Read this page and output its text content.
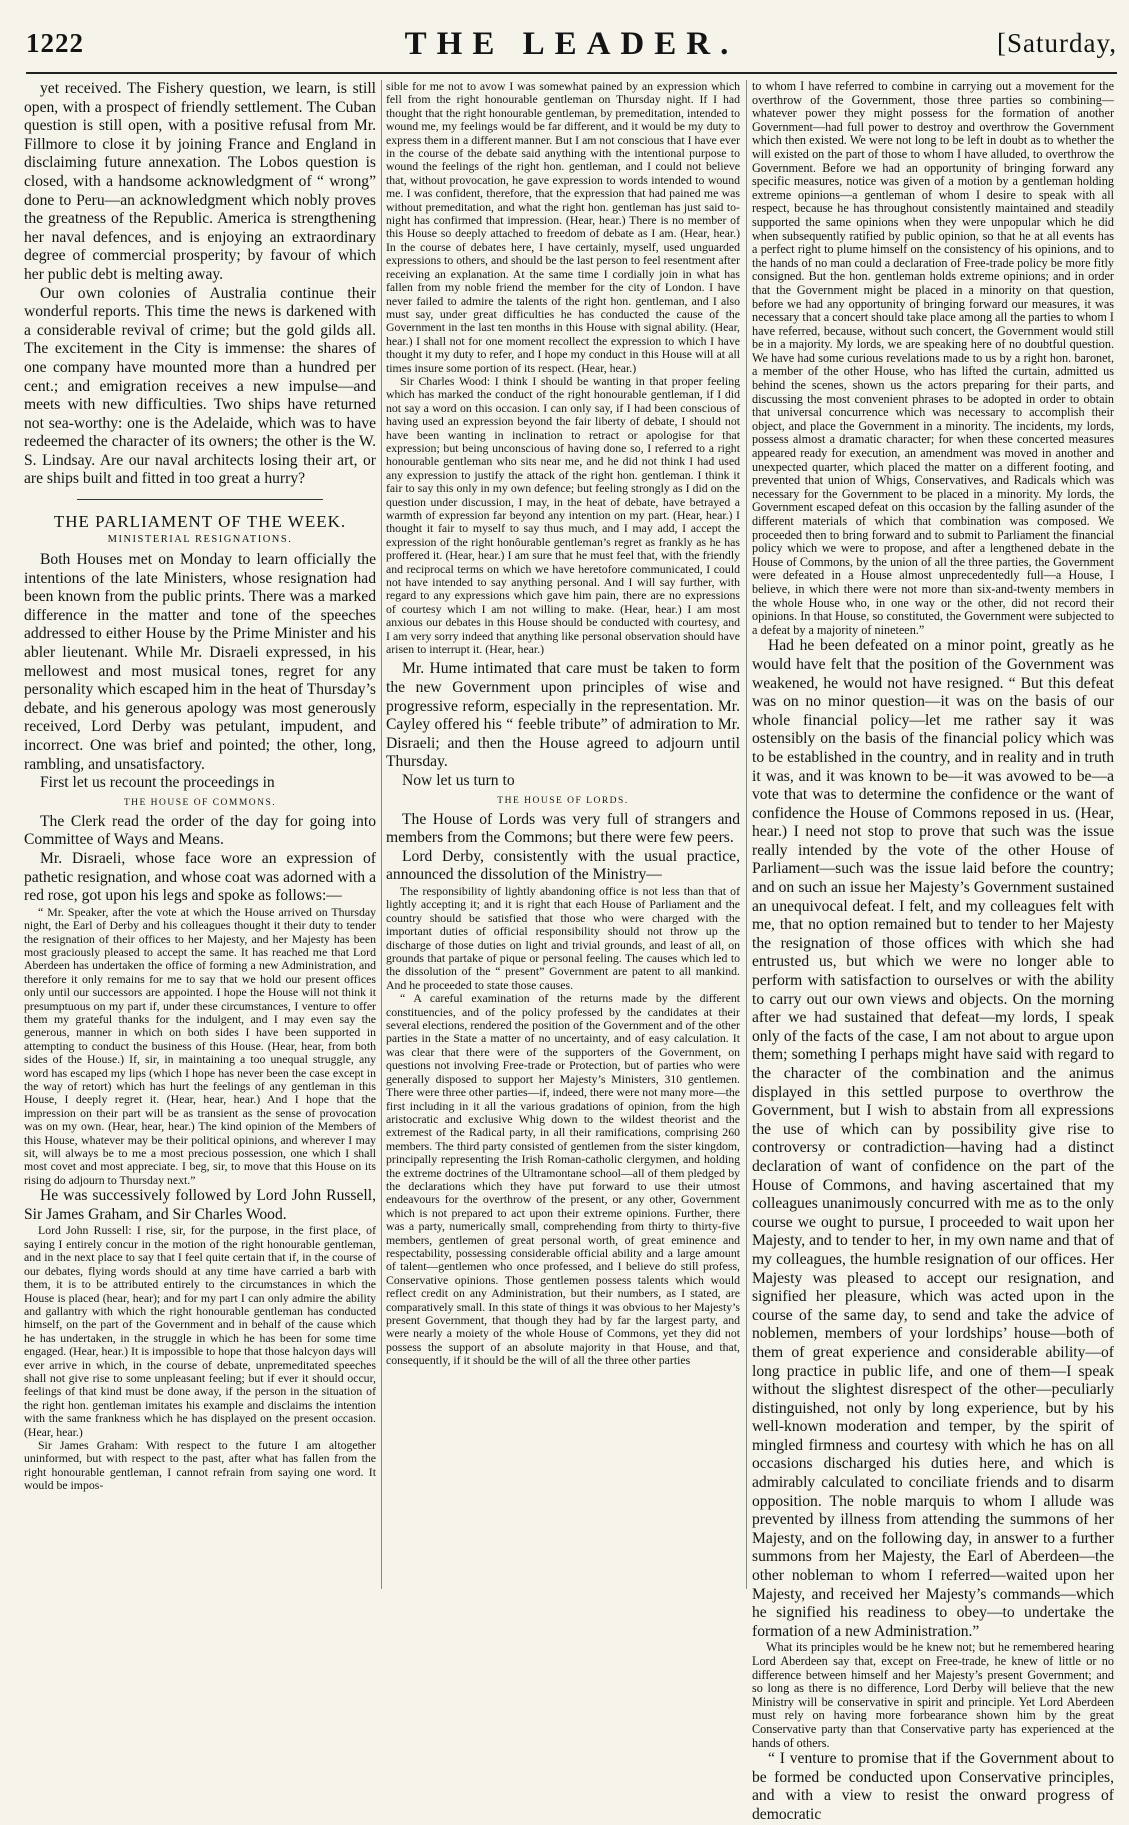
1222	THE LEADER.	[Saturday,

yet received. The Fishery question, we learn, is still open, with a prospect of friendly settlement. The Cuban question is still open, with a positive refusal from Mr. Fillmore to close it by joining France and England in disclaiming future annexation. The Lobos question is closed, with a handsome acknowledgment of “ wrong” done to Peru—an acknowledgment which nobly proves the greatness of the Republic. America is strengthening her naval defences, and is enjoying an extraordinary degree of commercial prosperity; by favour of which her public debt is melting away.

Our own colonies of Australia continue their wonderful reports. This time the news is darkened with a considerable revival of crime; but the gold gilds all. The excitement in the City is immense: the shares of one company have mounted more than a hundred per cent.; and emigration receives a new impulse—and meets with new difficulties. Two ships have returned not sea-worthy: one is the Adelaide, which was to have redeemed the character of its owners; the other is the W. S. Lindsay. Are our naval architects losing their art, or are ships built and fitted in too great a hurry?

THE PARLIAMENT OF THE WEEK.
MINISTERIAL RESIGNATIONS.

Both Houses met on Monday to learn officially the intentions of the late Ministers, whose resignation had been known from the public prints. There was a marked difference in the matter and tone of the speeches addressed to either House by the Prime Minister and his abler lieutenant. While Mr. Disraeli expressed, in his mellowest and most musical tones, regret for any personality which escaped him in the heat of Thursday’s debate, and his generous apology was most generously received, Lord Derby was petulant, impudent, and incorrect. One was brief and pointed; the other, long, rambling, and unsatisfactory.

First let us recount the proceedings in

THE HOUSE OF COMMONS.

The Clerk read the order of the day for going into Committee of Ways and Means.

Mr. Disraeli, whose face wore an expression of pathetic resignation, and whose coat was adorned with a red rose, got upon his legs and spoke as follows:—

“ Mr. Speaker, after the vote at which the House arrived on Thursday night, the Earl of Derby and his colleagues thought it their duty to tender the resignation of their offices to her Majesty, and her Majesty has been most graciously pleased to accept the same. It has reached me that Lord Aberdeen has undertaken the office of forming a new Administration, and therefore it only remains for me to say that we hold our present offices only until our successors are appointed. I hope the House will not think it presumptuous on my part if, under these circumstances, I venture to offer them my grateful thanks for the indulgent, and I may even say the generous, manner in which on both sides I have been supported in attempting to conduct the business of this House. (Hear, hear, from both sides of the House.) If, sir, in maintaining a too unequal struggle, any word has escaped my lips (which I hope has never been the case except in the way of retort) which has hurt the feelings of any gentleman in this House, I deeply regret it. (Hear, hear, hear.) And I hope that the impression on their part will be as transient as the sense of provocation was on my own. (Hear, hear, hear.) The kind opinion of the Members of this House, whatever may be their political opinions, and wherever I may sit, will always be to me a most precious possession, one which I shall most covet and most appreciate. I beg, sir, to move that this House on its rising do adjourn to Thursday next.”

He was successively followed by Lord John Russell, Sir James Graham, and Sir Charles Wood.

Lord John Russell: I rise, sir, for the purpose, in the first place, of saying I entirely concur in the motion of the right honourable gentleman, and in the next place to say that I feel quite certain that if, in the course of our debates, flying words should at any time have carried a barb with them, it is to be attributed entirely to the circumstances in which the House is placed (hear, hear); and for my part I can only admire the ability and gallantry with which the right honourable gentleman has conducted himself, on the part of the Government and in behalf of the cause which he has undertaken, in the struggle in which he has been for some time engaged. (Hear, hear.) It is impossible to hope that those halcyon days will ever arrive in which, in the course of debate, unpremeditated speeches shall not give rise to some unpleasant feeling; but if ever it should occur, feelings of that kind must be done away, if the person in the situation of the right hon. gentleman imitates his example and disclaims the intention with the same frankness which he has displayed on the present occasion. (Hear, hear.)

Sir James Graham: With respect to the future I am altogether uninformed, but with respect to the past, after what has fallen from the right honourable gentleman, I cannot refrain from saying one word. It would be impos-

sible for me not to avow I was somewhat pained by an expression which fell from the right honourable gentleman on Thursday night. If I had thought that the right honourable gentleman, by premeditation, intended to wound me, my feelings would be far different, and it would be my duty to express them in a different manner. But I am not conscious that I have ever in the course of the debate said anything with the intentional purpose to wound the feelings of the right hon. gentleman, and I could not believe that, without provocation, he gave expression to words intended to wound me. I was confident, therefore, that the expression that had pained me was without premeditation, and what the right hon. gentleman has just said to-night has confirmed that impression. (Hear, hear.) There is no member of this House so deeply attached to freedom of debate as I am. (Hear, hear.) In the course of debates here, I have certainly, myself, used unguarded expressions to others, and should be the last person to feel resentment after receiving an explanation. At the same time I cordially join in what has fallen from my noble friend the member for the city of London. I have never failed to admire the talents of the right hon. gentleman, and I also must say, under great difficulties he has conducted the cause of the Government in the last ten months in this House with signal ability. (Hear, hear.) I shall not for one moment recollect the expression to which I have thought it my duty to refer, and I hope my conduct in this House will at all times insure some portion of its respect. (Hear, hear.)

Sir Charles Wood: I think I should be wanting in that proper feeling which has marked the conduct of the right honourable gentleman, if I did not say a word on this occasion. I can only say, if I had been conscious of having used an expression beyond the fair liberty of debate, I should not have been wanting in inclination to retract or apologise for that expression; but being unconscious of having done so, I referred to a right honourable gentleman who sits near me, and he did not think I had used any expression to justify the attack of the right hon. gentleman. I think it fair to say this only in my own defence; but feeling strongly as I did on the question under discussion, I may, in the heat of debate, have betrayed a warmth of expression far beyond any intention on my part. (Hear, hear.) I thought it fair to myself to say thus much, and I may add, I accept the expression of the right honôurable gentleman’s regret as frankly as he has proffered it. (Hear, hear.) I am sure that he must feel that, with the friendly and reciprocal terms on which we have heretofore communicated, I could not have intended to say anything personal. And I will say further, with regard to any expressions which gave him pain, there are no expressions of courtesy which I am not willing to make. (Hear, hear.) I am most anxious our debates in this House should be conducted with courtesy, and I am very sorry indeed that anything like personal observation should have arisen to interrupt it. (Hear, hear.)

Mr. Hume intimated that care must be taken to form the new Government upon principles of wise and progressive reform, especially in the representation. Mr. Cayley offered his “ feeble tribute” of admiration to Mr. Disraeli; and then the House agreed to adjourn until Thursday.

Now let us turn to

THE HOUSE OF LORDS.

The House of Lords was very full of strangers and members from the Commons; but there were few peers.

Lord Derby, consistently with the usual practice, announced the dissolution of the Ministry—

The responsibility of lightly abandoning office is not less than that of lightly accepting it; and it is right that each House of Parliament and the country should be satisfied that those who were charged with the important duties of official responsibility should not throw up the discharge of those duties on light and trivial grounds, and least of all, on grounds that partake of pique or personal feeling. The causes which led to the dissolution of the “ present” Government are patent to all mankind. And he proceeded to state those causes.

“ A careful examination of the returns made by the different constituencies, and of the policy professed by the candidates at their several elections, rendered the position of the Government and of the other parties in the State a matter of no uncertainty, and of easy calculation. It was clear that there were of the supporters of the Government, on questions not involving Free-trade or Protection, but of parties who were generally disposed to support her Majesty’s Ministers, 310 gentlemen. There were three other parties—if, indeed, there were not many more—the first including in it all the various gradations of opinion, from the high aristocratic and exclusive Whig down to the wildest theorist and the extremest of the Radical party, in all their ramifications, comprising 260 members. The third party consisted of gentlemen from the sister kingdom, principally representing the Irish Roman-catholic clergymen, and holding the extreme doctrines of the Ultramontane school—all of them pledged by the declarations which they have put forward to use their utmost endeavours for the overthrow of the present, or any other, Government which is not prepared to act upon their extreme opinions. Further, there was a party, numerically small, comprehending from thirty to thirty-five members, gentlemen of great personal worth, of great eminence and respectability, possessing considerable official ability and a large amount of talent—gentlemen who once professed, and I believe do still profess, Conservative opinions. Those gentlemen possess talents which would reflect credit on any Administration, but their numbers, as I stated, are comparatively small. In this state of things it was obvious to her Majesty’s present Government, that though they had by far the largest party, and were nearly a moiety of the whole House of Commons, yet they did not possess the support of an absolute majority in that House, and that, consequently, if it should be the will of all the three other parties

to whom I have referred to combine in carrying out a movement for the overthrow of the Government, those three parties so combining—whatever power they might possess for the formation of another Government—had full power to destroy and overthrow the Government which then existed. We were not long to be left in doubt as to whether the will existed on the part of those to whom I have alluded, to overthrow the Government. Before we had an opportunity of bringing forward any specific measures, notice was given of a motion by a gentleman holding extreme opinions—a gentleman of whom I desire to speak with all respect, because he has throughout consistently maintained and steadily supported the same opinions when they were unpopular which he did when subsequently ratified by public opinion, so that he at all events has a perfect right to plume himself on the consistency of his opinions, and to the hands of no man could a declaration of Free-trade policy be more fitly consigned. But the hon. gentleman holds extreme opinions; and in order that the Government might be placed in a minority on that question, before we had any opportunity of bringing forward our measures, it was necessary that a concert should take place among all the parties to whom I have referred, because, without such concert, the Government would still be in a majority. My lords, we are speaking here of no doubtful question. We have had some curious revelations made to us by a right hon. baronet, a member of the other House, who has lifted the curtain, admitted us behind the scenes, shown us the actors preparing for their parts, and discussing the most convenient phrases to be adopted in order to obtain that universal concurrence which was necessary to accomplish their object, and place the Government in a minority. The incidents, my lords, possess almost a dramatic character; for when these concerted measures appeared ready for execution, an amendment was moved in another and unexpected quarter, which placed the matter on a different footing, and prevented that union of Whigs, Conservatives, and Radicals which was necessary for the Government to be placed in a minority. My lords, the Government escaped defeat on this occasion by the falling asunder of the different materials of which that combination was composed. We proceeded then to bring forward and to submit to Parliament the financial policy which we were to propose, and after a lengthened debate in the House of Commons, by the union of all the three parties, the Government were defeated in a House almost unprecedentedly full—a House, I believe, in which there were not more than six-and-twenty members in the whole House who, in one way or the other, did not record their opinions. In that House, so constituted, the Government were subjected to a defeat by a majority of nineteen.”

Had he been defeated on a minor point, greatly as he would have felt that the position of the Government was weakened, he would not have resigned. “ But this defeat was on no minor question—it was on the basis of our whole financial policy—let me rather say it was ostensibly on the basis of the financial policy which was to be established in the country, and in reality and in truth it was, and it was known to be—it was avowed to be—a vote that was to determine the confidence or the want of confidence the House of Commons reposed in us. (Hear, hear.) I need not stop to prove that such was the issue really intended by the vote of the other House of Parliament—such was the issue laid before the country; and on such an issue her Majesty’s Government sustained an unequivocal defeat. I felt, and my colleagues felt with me, that no option remained but to tender to her Majesty the resignation of those offices with which she had entrusted us, but which we were no longer able to perform with satisfaction to ourselves or with the ability to carry out our own views and objects. On the morning after we had sustained that defeat—my lords, I speak only of the facts of the case, I am not about to argue upon them; something I perhaps might have said with regard to the character of the combination and the animus displayed in this settled purpose to overthrow the Government, but I wish to abstain from all expressions the use of which can by possibility give rise to controversy or contradiction—having had a distinct declaration of want of confidence on the part of the House of Commons, and having ascertained that my colleagues unanimously concurred with me as to the only course we ought to pursue, I proceeded to wait upon her Majesty, and to tender to her, in my own name and that of my colleagues, the humble resignation of our offices. Her Majesty was pleased to accept our resignation, and signified her pleasure, which was acted upon in the course of the same day, to send and take the advice of noblemen, members of your lordships’ house—both of them of great experience and considerable ability—of long practice in public life, and one of them—I speak without the slightest disrespect of the other—peculiarly distinguished, not only by long experience, but by his well-known moderation and temper, by the spirit of mingled firmness and courtesy with which he has on all occasions discharged his duties here, and which is admirably calculated to conciliate friends and to disarm opposition. The noble marquis to whom I allude was prevented by illness from attending the summons of her Majesty, and on the following day, in answer to a further summons from her Majesty, the Earl of Aberdeen—the other nobleman to whom I referred—waited upon her Majesty, and received her Majesty’s commands—which he signified his readiness to obey—to undertake the formation of a new Administration.”

What its principles would be he knew not; but he remembered hearing Lord Aberdeen say that, except on Free-trade, he knew of little or no difference between himself and her Majesty’s present Government; and so long as there is no difference, Lord Derby will believe that the new Ministry will be conservative in spirit and principle. Yet Lord Aberdeen must rely on having more forbearance shown him by the great Conservative party than that Conservative party has experienced at the hands of others.

“ I venture to promise that if the Government about to be formed be conducted upon Conservative principles, and with a view to resist the onward progress of democratic
